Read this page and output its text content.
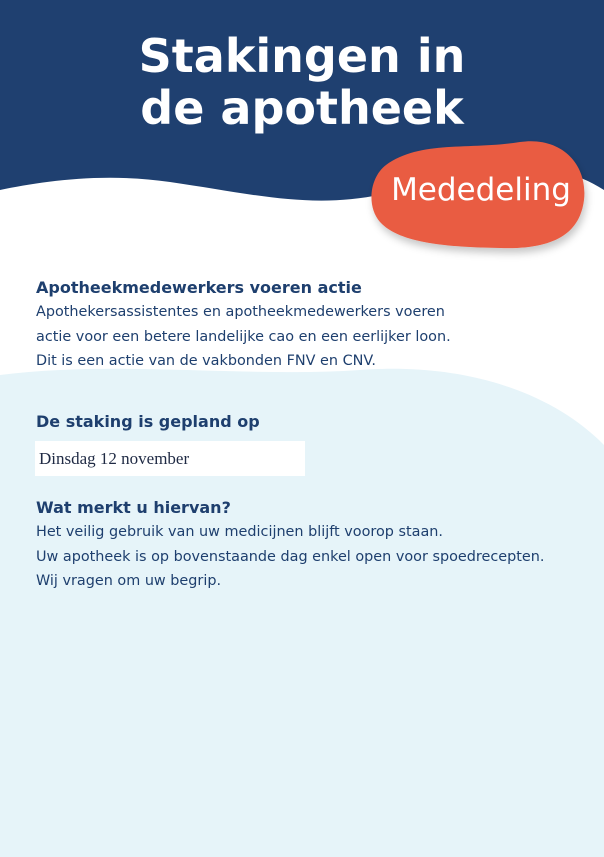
Stakingen in
de apotheek
Mededeling
Apotheekmedewerkers voeren actie

Apothekersassistentes en apotheekmedewerkers voeren
actie voor een betere landelijke cao en een eerlijker loon.
Dit is een actie van de vakbonden FNV en CNV.

De staking is gepland op
Dinsdag 12 november
Wat merkt u hiervan?

Het veilig gebruik van uw medicijnen blijft voorop staan.
Uw apotheek is op bovenstaande dag enkel open voor spoedrecepten.
Wij vragen om uw begrip.
